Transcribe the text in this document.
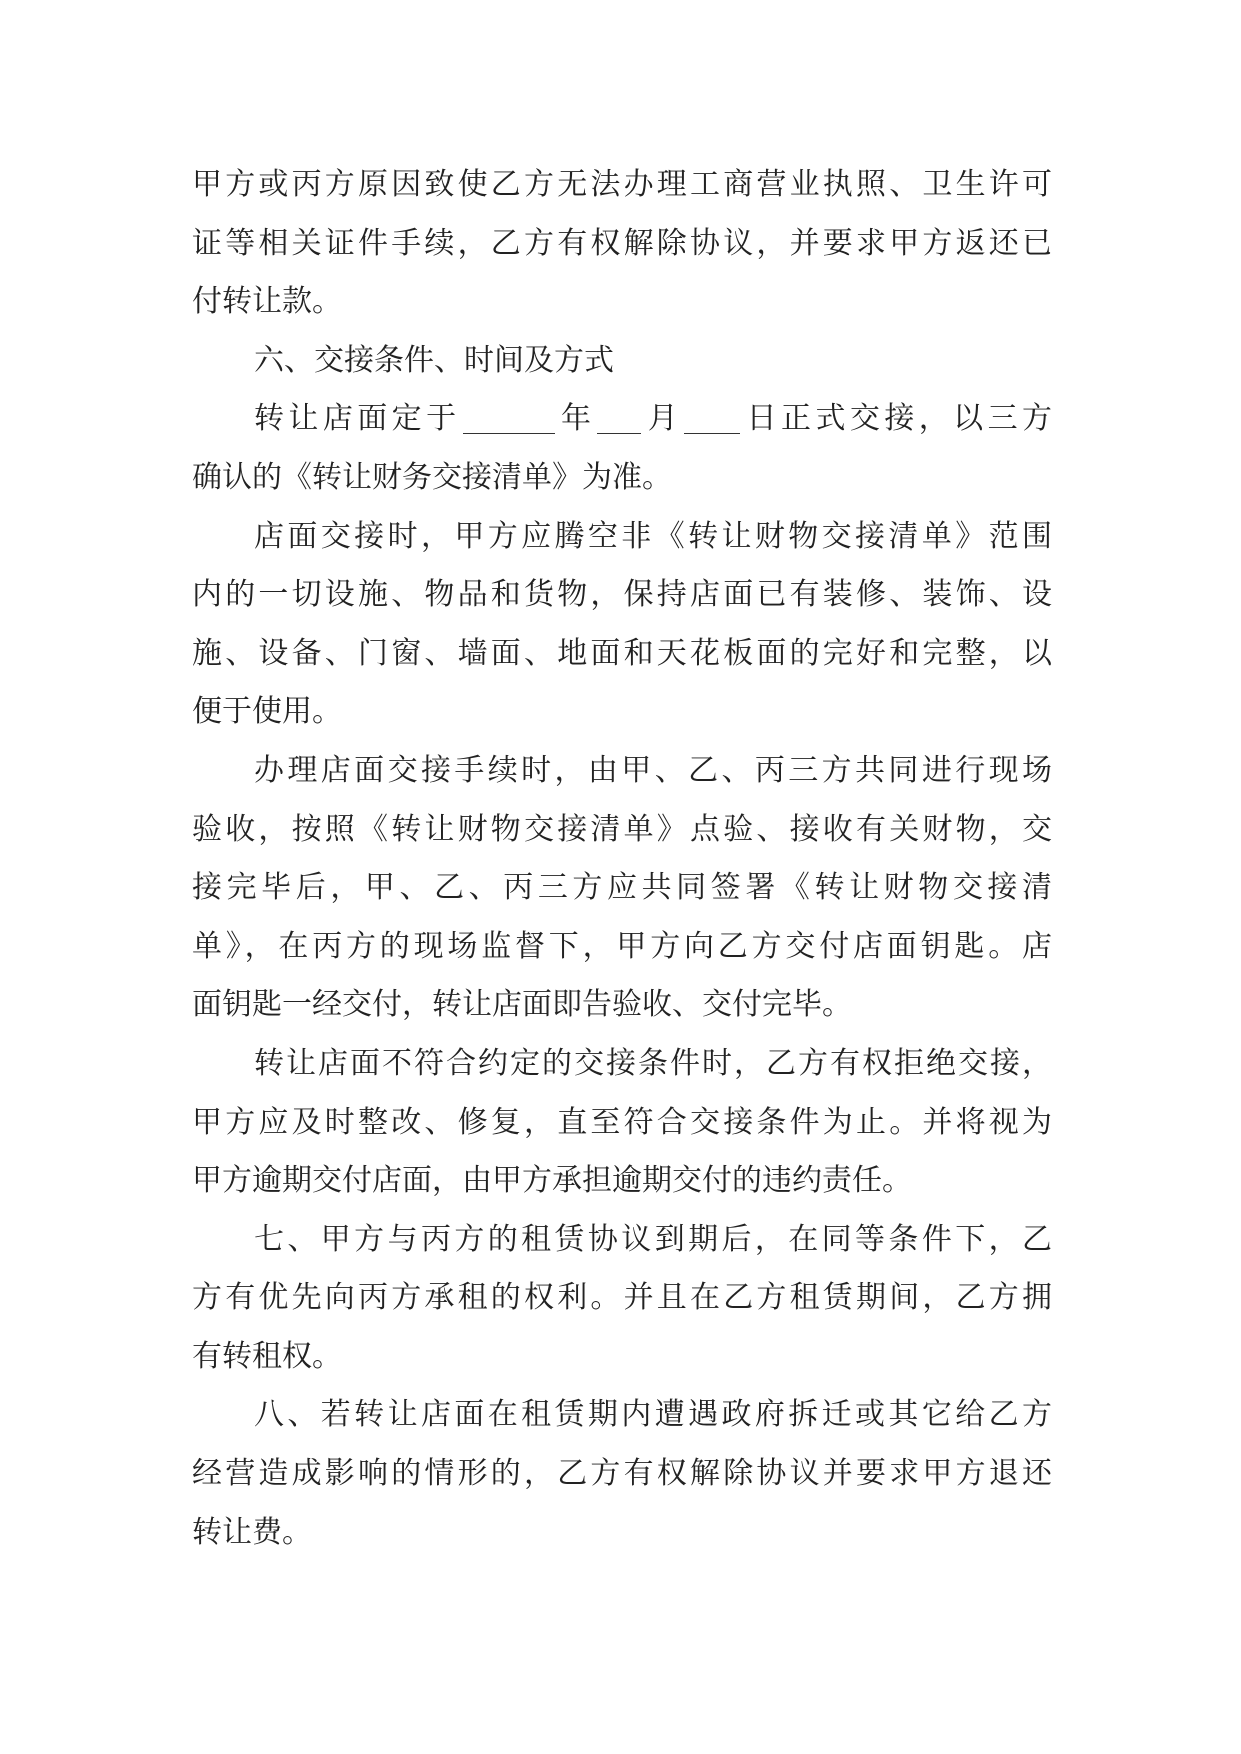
甲方或丙方原因致使乙方无法办理工商营业执照、卫生许可
证等相关证件手续，乙方有权解除协议，并要求甲方返还已
付转让款。
六、交接条件、时间及方式
转让店面定于	年 月 日正式交接，以三方
确认的《转让财务交接清单》为准。
店面交接时，甲方应腾空非《转让财物交接清单》范围
内的一切设施、物品和货物，保持店面已有装修、装饰、设
施、设备、门窗、墙面、地面和天花板面的完好和完整，以
便于使用。
办理店面交接手续时，由甲、乙、丙三方共同进行现场
验收，按照《转让财物交接清单》点验、接收有关财物，交
接完毕后，甲、乙、丙三方应共同签署《转让财物交接清
单》，在丙方的现场监督下，甲方向乙方交付店面钥匙。店
面钥匙一经交付，转让店面即告验收、交付完毕。
转让店面不符合约定的交接条件时，乙方有权拒绝交接，
甲方应及时整改、修复，直至符合交接条件为止。并将视为
甲方逾期交付店面，由甲方承担逾期交付的违约责任。
七、甲方与丙方的租赁协议到期后，在同等条件下，乙
方有优先向丙方承租的权利。并且在乙方租赁期间，乙方拥
有转租权。
八、若转让店面在租赁期内遭遇政府拆迁或其它给乙方
经营造成影响的情形的，乙方有权解除协议并要求甲方退还
转让费。
